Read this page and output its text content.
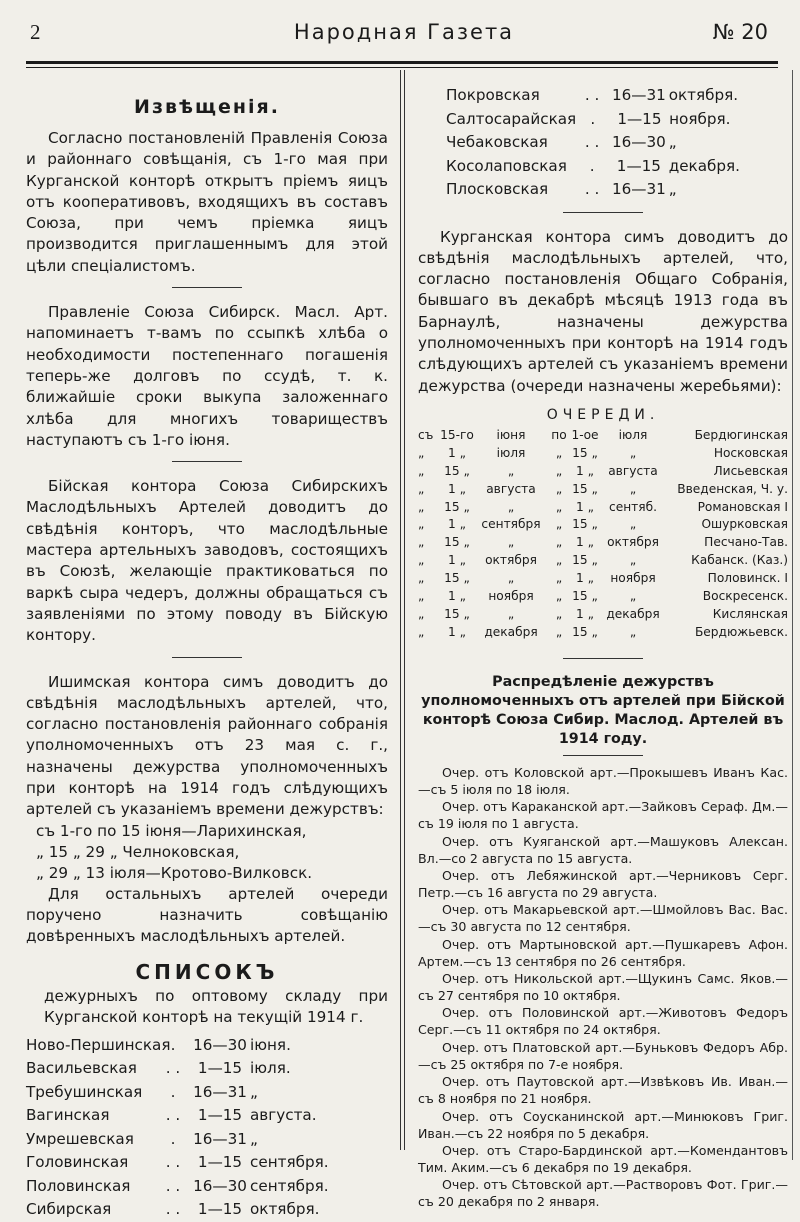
2	Народная Газета	№ 20
Извѣщенія.

Согласно постановленій Правленія Союза и районнаго совѣщанія, съ 1-го мая при Курганской конторѣ открытъ пріемъ яицъ отъ кооперативовъ, входящихъ въ составъ Союза, при чемъ пріемка яицъ производится приглашеннымъ для этой цѣли спеціалистомъ.

Правленіе Союза Сибирск. Масл. Арт. напоминаетъ т-вамъ по ссыпкѣ хлѣба о необходимости постепеннаго погашенія теперь-же долговъ по ссудѣ, т. к. ближайшіе сроки выкупа заложеннаго хлѣба для многихъ товариществъ наступаютъ съ 1-го іюня.

Бійская контора Союза Сибирскихъ Маслодѣльныхъ Артелей доводитъ до свѣдѣнія конторъ, что маслодѣльные мастера артельныхъ заводовъ, состоящихъ въ Союзѣ, желающіе практиковаться по варкѣ сыра чедеръ, должны обращаться съ заявленіями по этому поводу въ Бійскую контору.

Ишимская контора симъ доводитъ до свѣдѣнія маслодѣльныхъ артелей, что, согласно постановленія районнаго собранія уполномоченныхъ отъ 23 мая с. г., назначены дежурства уполномоченныхъ при конторѣ на 1914 годъ слѣдующихъ артелей съ указаніемъ времени дежурствъ:

съ 1-го по 15 іюня—Ларихинская,
„ 15 „ 29 „ Челноковская,
„ 29 „ 13 іюля—Кротово-Вилковск.

Для остальныхъ артелей очереди поручено назначить совѣщанію довѣренныхъ маслодѣльныхъ артелей.

СПИСОКЪ

дежурныхъ по оптовому складу при Курганской конторѣ на текущій 1914 г.

Ново-Першинская .	16—30 іюня.
Васильевская	. .	1—15 іюля.
Требушинская	.	16—31 „
Вагинская	. .	1—15 августа.
Умрешевская	.	16—31 „
Головинская	. .	1—15 сентября.
Половинская	. . 16—30 сентября.
Сибирская	. .	1—15 октября.
Покровская	. . 16—31 октября.
Салтосарайская .	1—15 ноября.
Чебаковская	. . 16—30 „
Косолаповская	.	1—15 декабря.
Плосковская	. . 16—31 „

Курганская контора симъ доводитъ до свѣдѣнія маслодѣльныхъ артелей, что, согласно постановленія Общаго Собранія, бывшаго въ декабрѣ мѣсяцѣ 1913 года въ Барнаулѣ, назначены дежурства уполномоченныхъ при конторѣ на 1914 годъ слѣдующихъ артелей съ указаніемъ времени дежурства (очереди назначены жеребьями):

ОЧЕРЕДИ.
съ 15-го	іюня	по 1-ое	іюля	Бердюгинская
„	1 „	іюля	„ 15 „	„	Носковская
„	15 „	„	„	1 „	августа	Лисьевская
„	1 „	августа	„ 15 „	„	Введенская, Ч. у.
„	15 „	„	„	1 „	сентяб.	Романовская I
„	1 „	сентября	„ 15 „	„	Ошурковская
„	15 „	„	„	1 „	октября	Песчано-Тав.
„	1 „	октября	„ 15 „	„	Кабанск. (Каз.)
„	15 „	„	„	1 „	ноября	Половинск. I
„	1 „	ноября	„ 15 „	„	Воскресенск.
„	15 „	„	„	1 „	декабря	Кислянская
„	1 „	декабря	„ 15 „	„	Бердюжьевск.
Распредѣленіе дежурствъ уполномоченныхъ отъ артелей при Бійской конторѣ Союза Сибир. Маслод. Артелей въ 1914 году.

Очер. отъ Коловской арт.—Прокышевъ Иванъ Кас.—съ 5 іюля по 18 іюля.

Очер. отъ Караканской арт.—Зайковъ Сераф. Дм.—съ 19 іюля по 1 августа.

Очер. отъ Куяганской арт.—Машуковъ Алексан. Вл.—со 2 августа по 15 августа.

Очер. отъ Лебяжинской арт.—Черниковъ Серг. Петр.—съ 16 августа по 29 августа.

Очер. отъ Макарьевской арт.—Шмойловъ Вас. Вас.—съ 30 августа по 12 сентября.

Очер. отъ Мартыновской арт.—Пушкаревъ Афон. Артем.—съ 13 сентября по 26 сентября.

Очер. отъ Никольской арт.—Щукинъ Самс. Яков.—съ 27 сентября по 10 октября.

Очер. отъ Половинской арт.—Животовъ Федоръ Серг.—съ 11 октября по 24 октября.

Очер. отъ Платовской арт.—Буньковъ Федоръ Абр.—съ 25 октября по 7-е ноября.

Очер. отъ Паутовской арт.—Извѣковъ Ив. Иван.—съ 8 ноября по 21 ноября.

Очер. отъ Соусканинской арт.—Минюковъ Григ. Иван.—съ 22 ноября по 5 декабря.

Очер. отъ Старо-Бардинской арт.—Комендантовъ Тим. Аким.—съ 6 декабря по 19 декабря.

Очер. отъ Сѣтовской арт.—Растворовъ Фот. Григ.—съ 20 декабря по 2 января.
